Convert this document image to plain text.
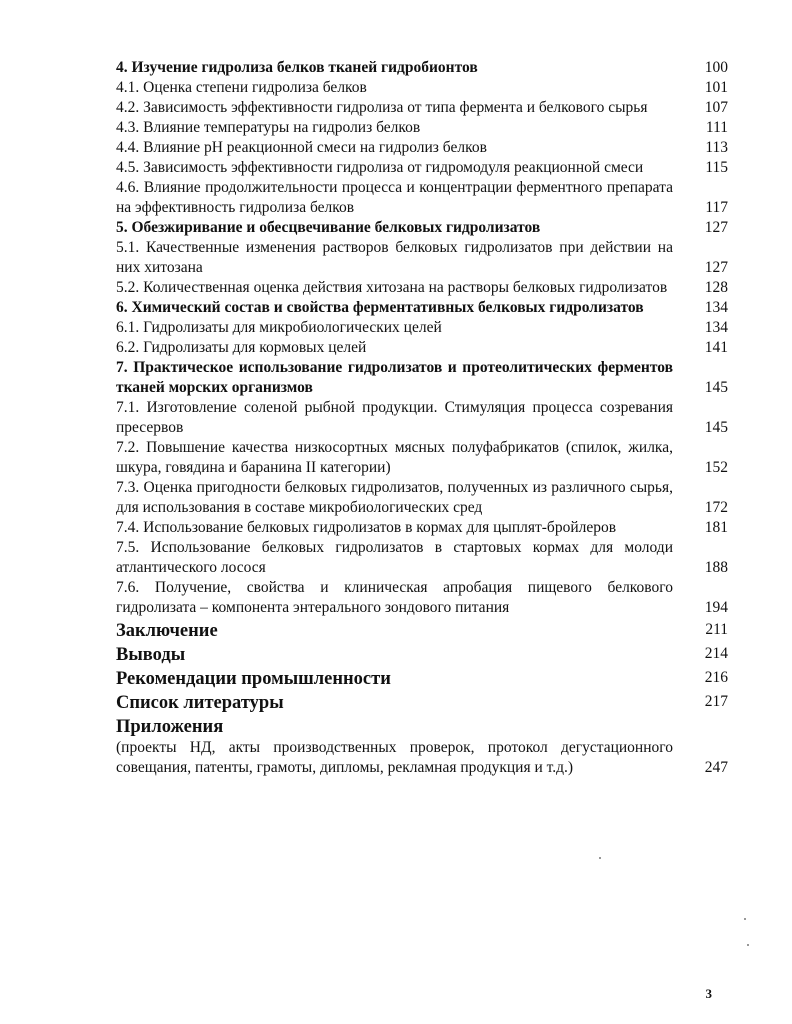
4. Изучение гидролиза белков тканей гидробионтов	100
4.1. Оценка степени гидролиза белков	101
4.2. Зависимость эффективности гидролиза от типа фермента и белкового сырья	107
4.3. Влияние температуры на гидролиз белков	111
4.4. Влияние рН реакционной смеси на гидролиз белков	113
4.5. Зависимость эффективности гидролиза от гидромодуля реакционной смеси	115
4.6. Влияние продолжительности процесса и концентрации ферментного препарата на эффективность гидролиза белков	117
5. Обезжиривание и обесцвечивание белковых гидролизатов	127
5.1. Качественные изменения растворов белковых гидролизатов при действии на них хитозана	127
5.2. Количественная оценка действия хитозана на растворы белковых гидролизатов	128
6. Химический состав и свойства ферментативных белковых гидролизатов	134
6.1. Гидролизаты для микробиологических целей	134
6.2. Гидролизаты для кормовых целей	141
7. Практическое использование гидролизатов и протеолитических ферментов тканей морских организмов	145
7.1. Изготовление соленой рыбной продукции. Стимуляция процесса созревания пресервов	145
7.2. Повышение качества низкосортных мясных полуфабрикатов (спилок, жилка, шкура, говядина и баранина II категории)	152
7.3. Оценка пригодности белковых гидролизатов, полученных из различного сырья, для использования в составе микробиологических сред	172
7.4. Использование белковых гидролизатов в кормах для цыплят-бройлеров	181
7.5. Использование белковых гидролизатов в стартовых кормах для молоди атлантического лосося	188
7.6. Получение, свойства и клиническая апробация пищевого белкового гидролизата – компонента энтерального зондового питания	194
Заключение	211
Выводы	214
Рекомендации промышленности	216
Список литературы	217
Приложения
(проекты НД, акты производственных проверок, протокол дегустационного совещания, патенты, грамоты, дипломы, рекламная продукция и т.д.)	247
3
